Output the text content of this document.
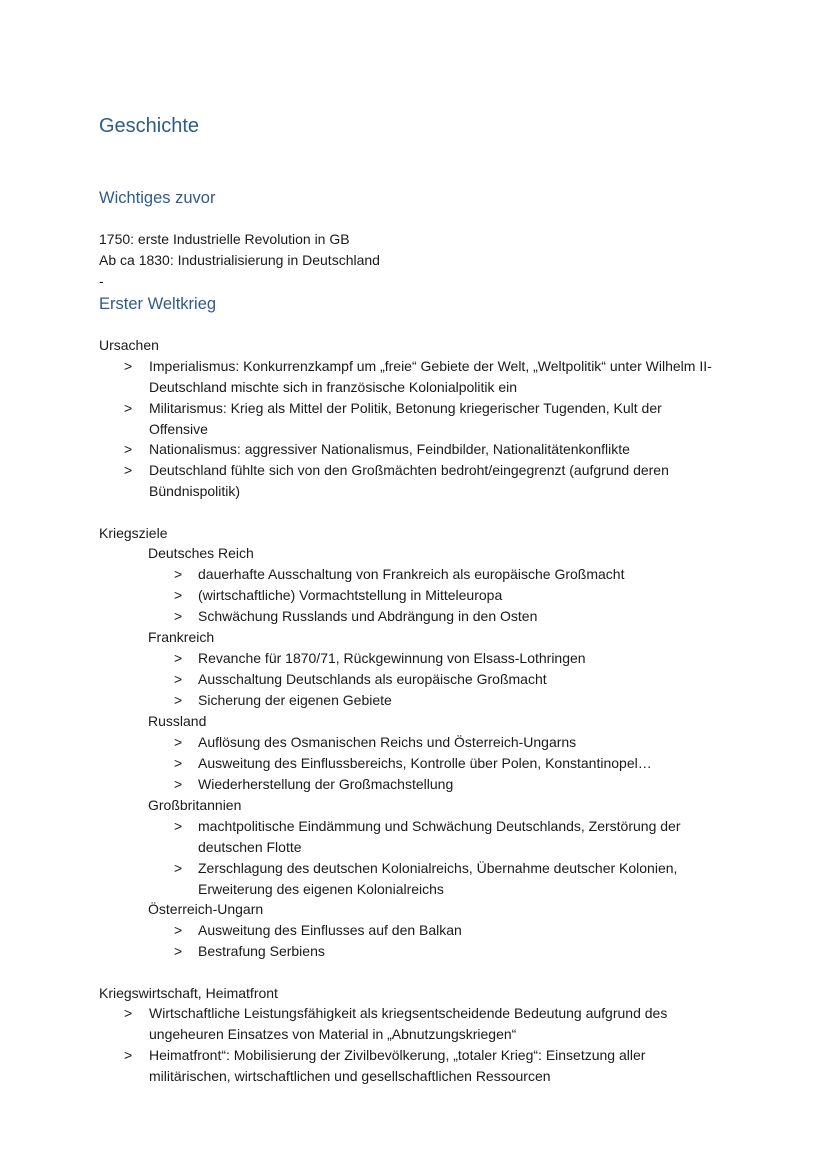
Geschichte
Wichtiges zuvor
1750: erste Industrielle Revolution in GB
Ab ca 1830: Industrialisierung in Deutschland
-
Erster Weltkrieg
Ursachen
> Imperialismus: Konkurrenzkampf um „freie“ Gebiete der Welt, „Weltpolitik“ unter Wilhelm II-Deutschland mischte sich in französische Kolonialpolitik ein
> Militarismus: Krieg als Mittel der Politik, Betonung kriegerischer Tugenden, Kult der Offensive
> Nationalismus: aggressiver Nationalismus, Feindbilder, Nationalitätenkonflikte
> Deutschland fühlte sich von den Großmächten bedroht/eingegrenzt (aufgrund deren Bündnispolitik)
Kriegsziele
Deutsches Reich
> dauerhafte Ausschaltung von Frankreich als europäische Großmacht
> (wirtschaftliche) Vormachtstellung in Mitteleuropa
> Schwächung Russlands und Abdrängung in den Osten
Frankreich
> Revanche für 1870/71, Rückgewinnung von Elsass-Lothringen
> Ausschaltung Deutschlands als europäische Großmacht
> Sicherung der eigenen Gebiete
Russland
> Auflösung des Osmanischen Reichs und Österreich-Ungarns
> Ausweitung des Einflussbereichs, Kontrolle über Polen, Konstantinopel…
> Wiederherstellung der Großmachstellung
Großbritannien
> machtpolitische Eindämmung und Schwächung Deutschlands, Zerstörung der deutschen Flotte
> Zerschlagung des deutschen Kolonialreichs, Übernahme deutscher Kolonien, Erweiterung des eigenen Kolonialreichs
Österreich-Ungarn
> Ausweitung des Einflusses auf den Balkan
> Bestrafung Serbiens
Kriegswirtschaft, Heimatfront
> Wirtschaftliche Leistungsfähigkeit als kriegsentscheidende Bedeutung aufgrund des ungeheuren Einsatzes von Material in „Abnutzungskriegen“
> Heimatfront“: Mobilisierung der Zivilbevölkerung, „totaler Krieg“: Einsetzung aller militärischen, wirtschaftlichen und gesellschaftlichen Ressourcen
